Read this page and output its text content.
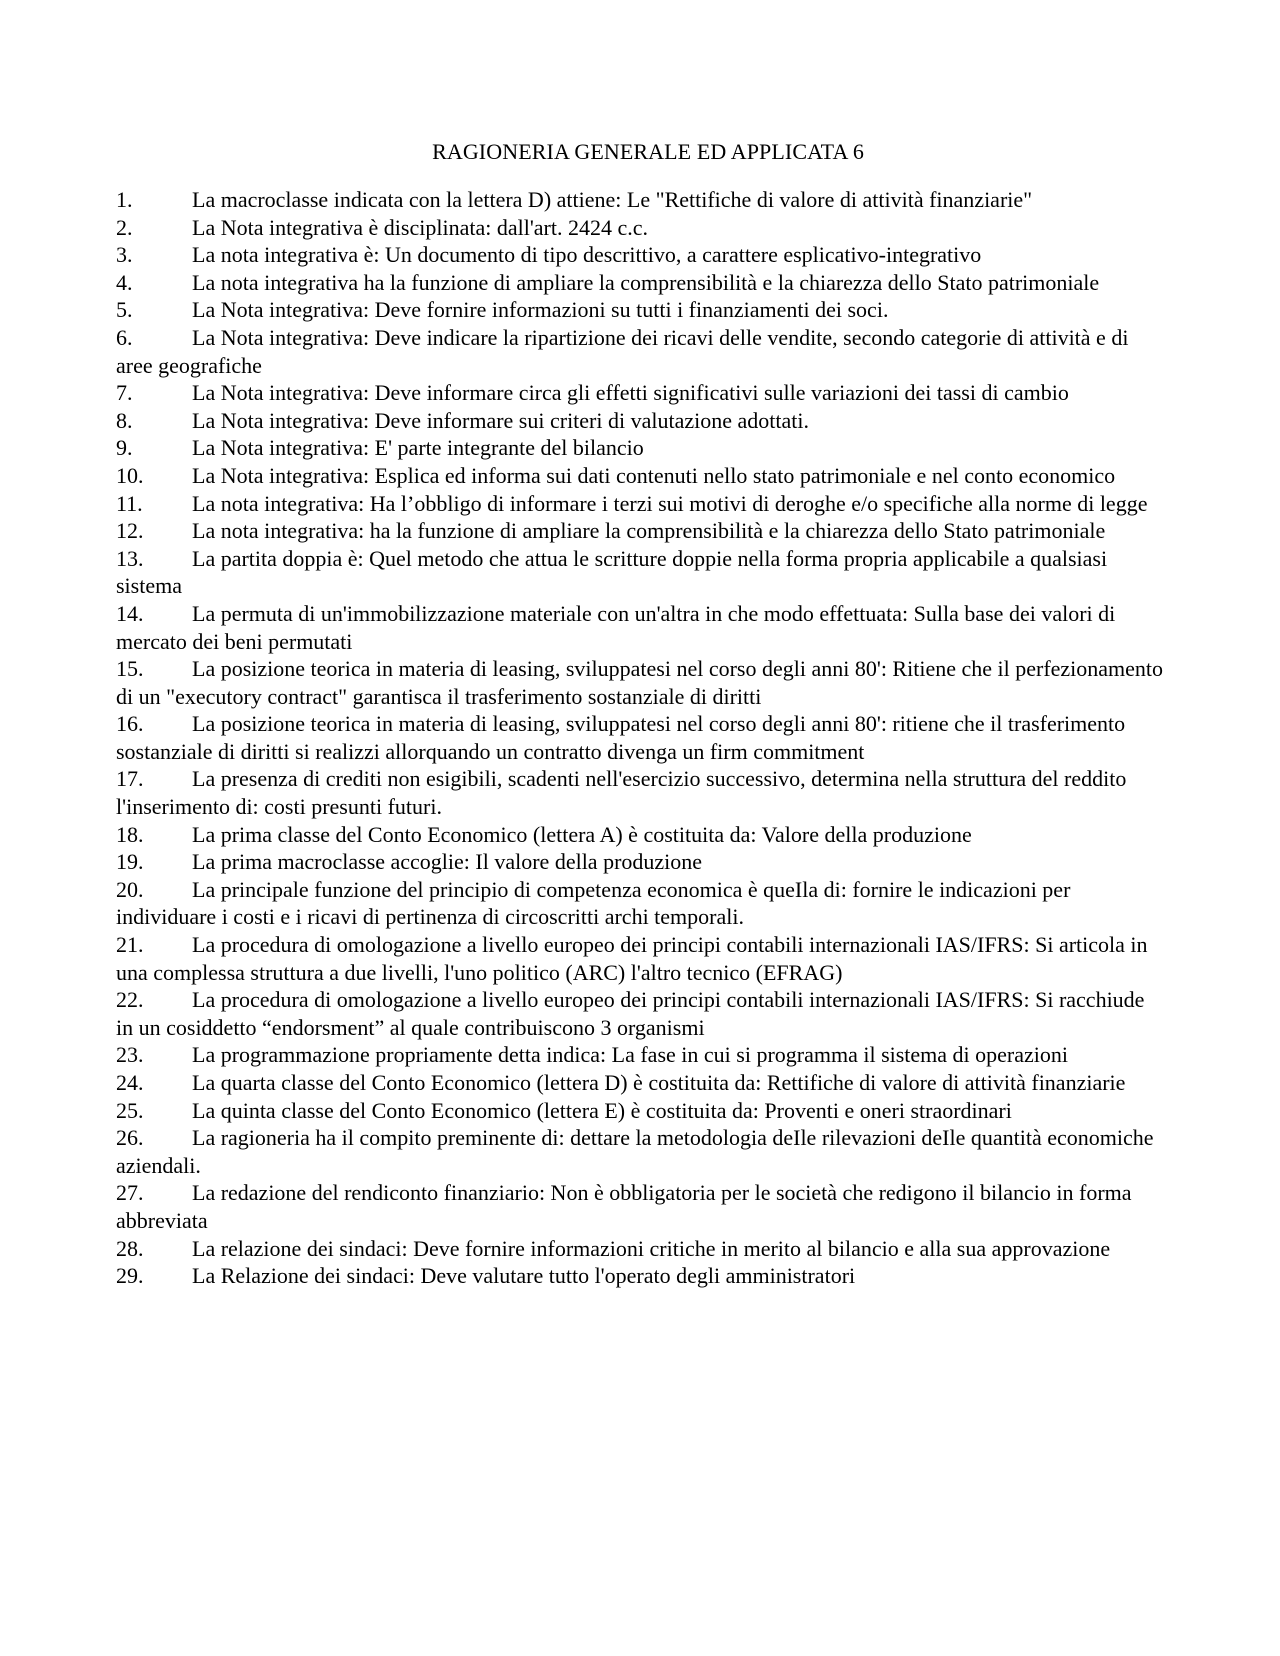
RAGIONERIA GENERALE ED APPLICATA 6
1.	La macroclasse indicata con la lettera D) attiene: Le "Rettifiche di valore di attività finanziarie"
2.	La Nota integrativa è disciplinata: dall'art. 2424 c.c.
3.	La nota integrativa è: Un documento di tipo descrittivo, a carattere esplicativo-integrativo
4.	La nota integrativa ha la funzione di ampliare la comprensibilità e la chiarezza dello Stato patrimoniale
5.	La Nota integrativa: Deve fornire informazioni su tutti i finanziamenti dei soci.
6.	La Nota integrativa: Deve indicare la ripartizione dei ricavi delle vendite, secondo categorie di attività e di aree geografiche
7.	La Nota integrativa: Deve informare circa gli effetti significativi sulle variazioni dei tassi di cambio
8.	La Nota integrativa: Deve informare sui criteri di valutazione adottati.
9.	La Nota integrativa: E' parte integrante del bilancio
10.	La Nota integrativa: Esplica ed informa sui dati contenuti nello stato patrimoniale e nel conto economico
11.	La nota integrativa: Ha l’obbligo di informare i terzi sui motivi di deroghe e/o specifiche alla norme di legge
12.	La nota integrativa: ha la funzione di ampliare la comprensibilità e la chiarezza dello Stato patrimoniale
13.	La partita doppia è: Quel metodo che attua le scritture doppie nella forma propria applicabile a qualsiasi sistema
14.	La permuta di un'immobilizzazione materiale con un'altra in che modo effettuata: Sulla base dei valori di mercato dei beni permutati
15.	La posizione teorica in materia di leasing, sviluppatesi nel corso degli anni 80': Ritiene che il perfezionamento di un "executory contract" garantisca il trasferimento sostanziale di diritti
16.	La posizione teorica in materia di leasing, sviluppatesi nel corso degli anni 80': ritiene che il trasferimento sostanziale di diritti si realizzi allorquando un contratto divenga un firm commitment
17.	La presenza di crediti non esigibili, scadenti nell'esercizio successivo, determina nella struttura del reddito l'inserimento di: costi presunti futuri.
18.	La prima classe del Conto Economico (lettera A) è costituita da: Valore della produzione
19.	La prima macroclasse accoglie: Il valore della produzione
20.	La principale funzione del principio di competenza economica è queIla di: fornire le indicazioni per individuare i costi e i ricavi di pertinenza di circoscritti archi temporali.
21.	La procedura di omologazione a livello europeo dei principi contabili internazionali IAS/IFRS: Si articola in una complessa struttura a due livelli, l'uno politico (ARC) l'altro tecnico (EFRAG)
22.	La procedura di omologazione a livello europeo dei principi contabili internazionali IAS/IFRS: Si racchiude in un cosiddetto “endorsment” al quale contribuiscono 3 organismi
23.	La programmazione propriamente detta indica: La fase in cui si programma il sistema di operazioni
24.	La quarta classe del Conto Economico (lettera D) è costituita da: Rettifiche di valore di attività finanziarie
25.	La quinta classe del Conto Economico (lettera E) è costituita da: Proventi e oneri straordinari
26.	La ragioneria ha il compito preminente di: dettare la metodologia deIle rilevazioni deIle quantità economiche aziendali.
27.	La redazione del rendiconto finanziario: Non è obbligatoria per le società che redigono il bilancio in forma abbreviata
28.	La relazione dei sindaci: Deve fornire informazioni critiche in merito al bilancio e alla sua approvazione
29.	La Relazione dei sindaci: Deve valutare tutto l'operato degli amministratori
